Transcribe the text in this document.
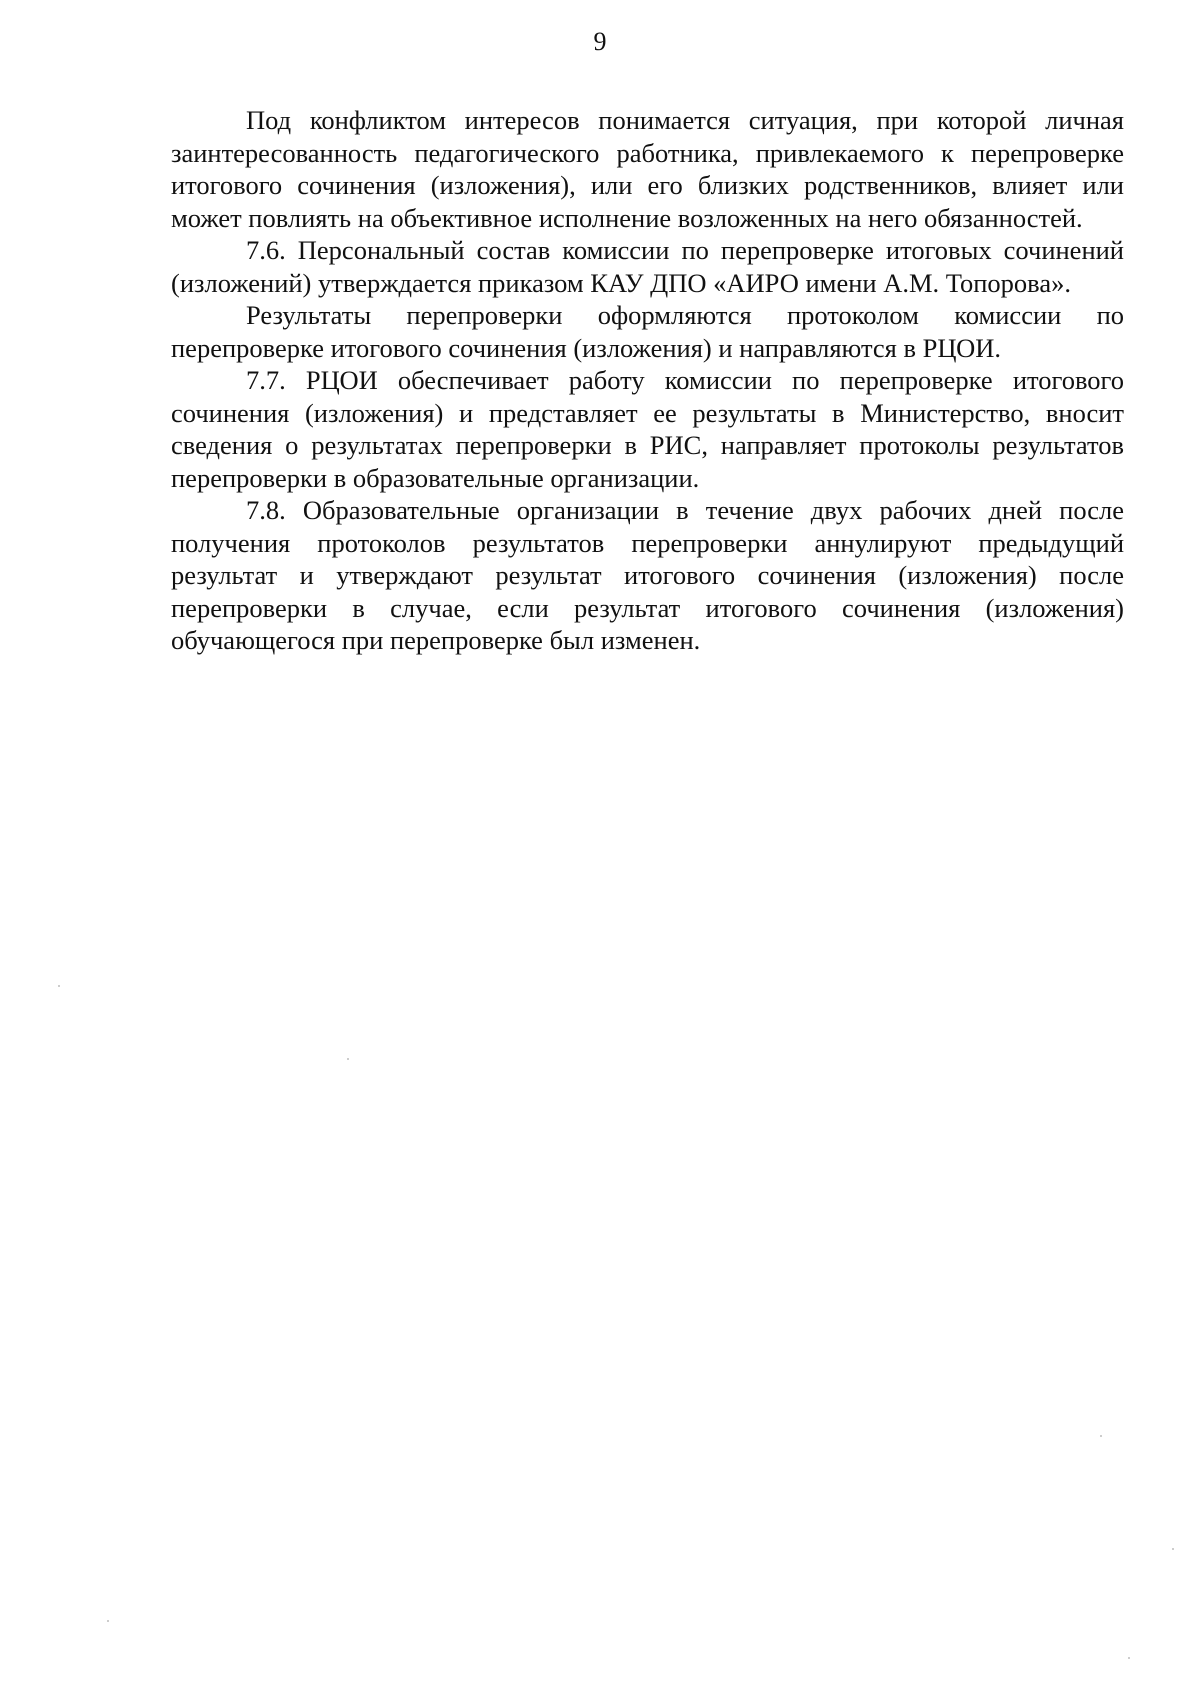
9

Под конфликтом интересов понимается ситуация, при которой личная заинтересованность педагогического работника, привлекаемого к перепроверке итогового сочинения (изложения), или его близких родственников, влияет или может повлиять на объективное исполнение возложенных на него обязанностей.

7.6. Персональный состав комиссии по перепроверке итоговых сочинений (изложений) утверждается приказом КАУ ДПО «АИРО имени А.М. Топорова».

Результаты перепроверки оформляются протоколом комиссии по перепроверке итогового сочинения (изложения) и направляются в РЦОИ.

7.7. РЦОИ обеспечивает работу комиссии по перепроверке итогового сочинения (изложения) и представляет ее результаты в Министерство, вносит сведения о результатах перепроверки в РИС, направляет протоколы результатов перепроверки в образовательные организации.

7.8. Образовательные организации в течение двух рабочих дней после получения протоколов результатов перепроверки аннулируют предыдущий результат и утверждают результат итогового сочинения (изложения) после перепроверки в случае, если результат итогового сочинения (изложения) обучающегося при перепроверке был изменен.
